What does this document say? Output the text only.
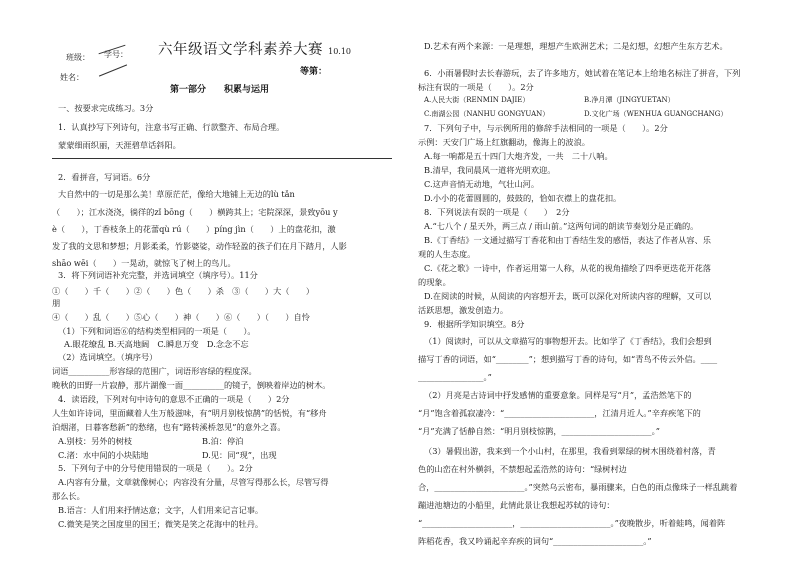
班级： 学号： 六年级语文学科素养大赛 10.10
姓名：
第一部分　　积累与运用
一、按要求完成练习。3分
1．认真抄写下列诗句，注意书写正确、行款整齐、布局合理。
蒙蒙细雨织丽，天涯碧草话斜阳。
2．看拼音，写词语。6分
大自然中的一切是那么美！草原茫茫，像给大地铺上无边的lù tǎn
（　　）；江水浇浇，徜徉的zǐ bōng（　　）横跨其上；宅院深深，景致yōu y
è（　　），丁香枝条上的花蕾qù rú（　　）píng jìn（　　）上的盘花扣，激
发了我的文思和梦想；月影柔柔，竹影婆娑，动作轻盈的孩子们在月下踏月，人影
shāo wēi（　　）一晃动，就惊飞了树上的鸟儿。
3．将下列词语补充完整，并选词填空（填序号）。11分
①（　　）千（　　）②（　　）色（　　）杀　③（　　）大（　　）
朋
④（　　）乱（　　）⑤心（　　）神（　　）⑥（　　）（　　）自怜
（1）下列和词语⑥的结构类型相同的一项是（　　）。
A.眼花缭乱 B.天高地阔　C.瞬息万变　D.念念不忘
（2）选词填空。（填序号）
词语__________形容绿的范围广，词语形容绿的程度深。
晚秋的田野一片寂静，那片湖像一面__________的镜子，倒映着岸边的树木。
4．读语段，下列对句中诗句的意思不正确的一项是（　　）2分
人生如许诗词，里面藏着人生万般滋味，有“明月别枝惊鹊”的恬悦，有“移舟
泊烟渚，日暮客愁新”的愁绪，也有“路转溪桥忽见”的意外之喜。
A.别枝：另外的树枝	B.泊：停泊
C.渚：水中间的小块陆地	D.见：同“现”，出现
5．下列句子中的分号使用错误的一项是（　　）。2分
A.内容有分量，文章就像树心；内容没有分量，尽管写得那么长，尽管写得
那么长。
B.语言：人们用来抒情达意；文字，人们用来记言记事。
C.微笑是笑之国度里的国王；微笑是笑之花海中的牡丹。
等第：
D.艺术有两个来源：一是理想，理想产生欧洲艺术；二是幻想，幻想产生东方艺术。
6．小雨暑假时去长春游玩，去了许多地方，她试着在笔记本上给地名标注了拼音，下列
标注有误的一项是（　　）。2分
A.人民大街（RENMIN DAJIE）	B.净月潭（JINGYUETAN）
C.南湖公园（NANHU GONGYUAN）	D.文化广场（WENHUA GUANGCHANG）
7．下列句子中，与示例所用的修辞手法相同的一项是（　　）。2分
示例：天安门广场上红旗翻动，像海上的波浪。
A.每一响都是五十四门大炮齐发，一共　二十八响。
B.清早，我同晨风一道将光明欢迎。
C.这声音悄无动地，气壮山河。
D.小小的花蕾圆圆的，鼓鼓的，恰如衣襟上的盘花扣。
8．下列说法有误的一项是（　　）　2分
A.“七八个 / 星天外，两三点 / 雨山前。”这两句词的朗读节奏划分是正确的。
B.《丁香结》一文通过描写丁香花和由丁香结生发的感悟，表达了作者从容、乐
观的人生态度。
C.《花之歌》一诗中，作者运用第一人称，从花的视角描绘了四季更迭花开花落
的现象。
D.在阅读的时候，从阅读的内容想开去，既可以深化对所读内容的理解，又可以
活跃思想，激发创造力。
9．根据所学知识填空。8分
（1）阅读时，可以从文章描写的事物想开去。比如学了《丁香结》，我们会想到
描写丁香的词语，如“________”；想到描写丁香的诗句，如“青鸟不传云外信。____
________________。”
（2）月亮是古诗词中抒发感情的重要意象。同样是写“月”，孟浩然笔下的
“月”饱含着孤寂凄冷：“______________________，江清月近人。”辛弃疾笔下的
“月”充满了恬静自然：“明月别枝惊鹊，______________________。”
（3）暑假出游，我来到一个小山村，在那里，我看到翠绿的树木围绕着村落，青
色的山峦在村外横斜，不禁想起孟浩然的诗句：“绿树村边
合，______________________。”突然乌云密布，暴雨骤来，白色的雨点像珠子一样乱跳着
蹦进池塘边的小船里，此情此景让我想起苏轼的诗句：
“______________________，______________________。”夜晚散步，听着蛙鸣，闻着阵
阵稻花香，我又吟诵起辛弃疾的词句“______________________。”
